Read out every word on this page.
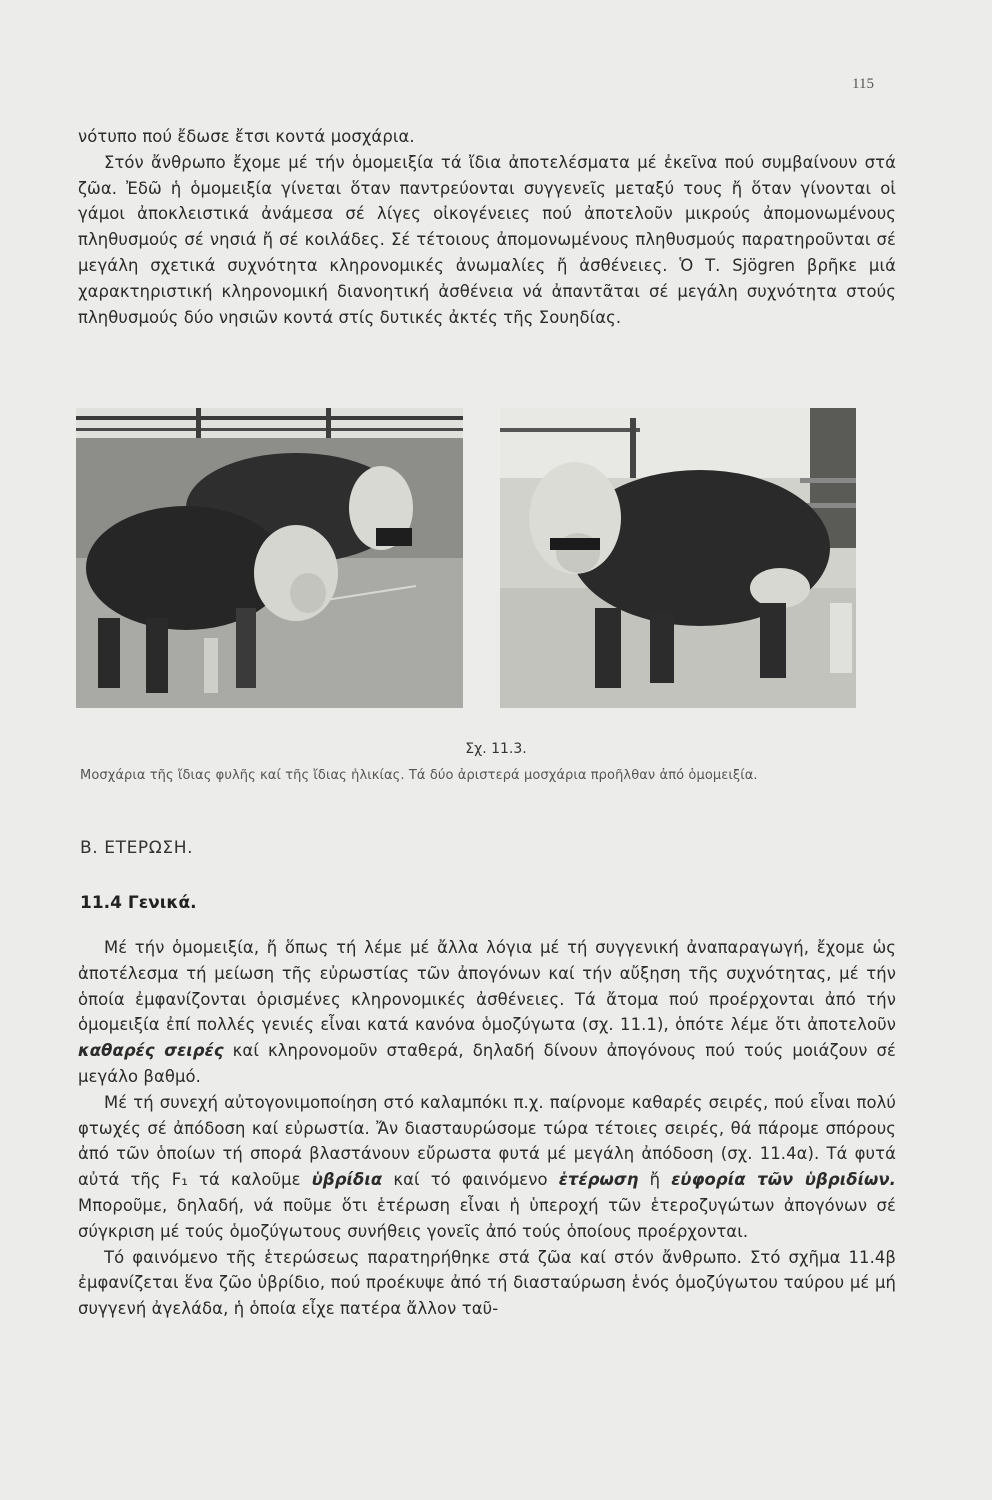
115

νότυπο πού ἔδωσε ἔτσι κοντά μοσχάρια.

Στόν ἄνθρωπο ἔχομε μέ τήν ὁμομειξία τά ἴδια ἀποτελέσματα μέ ἐκεῖνα πού συμβαίνουν στά ζῶα. Ἐδῶ ἡ ὁμομειξία γίνεται ὅταν παντρεύονται συγγενεῖς μεταξύ τους ἤ ὅταν γίνονται οἱ γάμοι ἀποκλειστικά ἀνάμεσα σέ λίγες οἰκογένειες πού ἀποτελοῦν μικρούς ἀπομονωμένους πληθυσμούς σέ νησιά ἤ σέ κοιλάδες. Σέ τέτοιους ἀπομονωμένους πληθυσμούς παρατηροῦνται σέ μεγάλη σχετικά συχνότητα κληρονομικές ἀνωμαλίες ἤ ἀσθένειες. Ὁ Τ. Sjögren βρῆκε μιά χαρακτηριστική κληρονομική διανοητική ἀσθένεια νά ἀπαντᾶται σέ μεγάλη συχνότητα στούς πληθυσμούς δύο νησιῶν κοντά στίς δυτικές ἀκτές τῆς Σουηδίας.

Σχ. 11.3.
Μοσχάρια τῆς ἴδιας φυλῆς καί τῆς ἴδιας ἡλικίας. Τά δύο ἀριστερά μοσχάρια προῆλθαν ἀπό ὁμομειξία.
Β. ΕΤΕΡΩΣΗ.
11.4 Γενικά.

Μέ τήν ὁμομειξία, ἤ ὅπως τή λέμε μέ ἄλλα λόγια μέ τή συγγενική ἀναπαραγωγή, ἔχομε ὡς ἀποτέλεσμα τή μείωση τῆς εὐρωστίας τῶν ἀπογόνων καί τήν αὔξηση τῆς συχνότητας, μέ τήν ὁποία ἐμφανίζονται ὁρισμένες κληρονομικές ἀσθένειες. Τά ἄτομα πού προέρχονται ἀπό τήν ὁμομειξία ἐπί πολλές γενιές εἶναι κατά κανόνα ὁμοζύγωτα (σχ. 11.1), ὁπότε λέμε ὅτι ἀποτελοῦν καθαρές σειρές καί κληρονομοῦν σταθερά, δηλαδή δίνουν ἀπογόνους πού τούς μοιάζουν σέ μεγάλο βαθμό.

Μέ τή συνεχή αὐτογονιμοποίηση στό καλαμπόκι π.χ. παίρνομε καθαρές σειρές, πού εἶναι πολύ φτωχές σέ ἀπόδοση καί εὐρωστία. Ἄν διασταυρώσομε τώρα τέτοιες σειρές, θά πάρομε σπόρους ἀπό τῶν ὁποίων τή σπορά βλαστάνουν εὔρωστα φυτά μέ μεγάλη ἀπόδοση (σχ. 11.4α). Τά φυτά αὐτά τῆς F₁ τά καλοῦμε ὑβρίδια καί τό φαινόμενο ἑτέρωση ἤ εὐφορία τῶν ὑβριδίων. Μποροῦμε, δηλαδή, νά ποῦμε ὅτι ἑτέρωση εἶναι ἡ ὑπεροχή τῶν ἑτεροζυγώτων ἀπογόνων σέ σύγκριση μέ τούς ὁμοζύγωτους συνήθεις γονεῖς ἀπό τούς ὁποίους προέρχονται.

Τό φαινόμενο τῆς ἑτερώσεως παρατηρήθηκε στά ζῶα καί στόν ἄνθρωπο. Στό σχῆμα 11.4β ἐμφανίζεται ἕνα ζῶο ὑβρίδιο, πού προέκυψε ἀπό τή διασταύρωση ἑνός ὁμοζύγωτου ταύρου μέ μή συγγενή ἀγελάδα, ἡ ὁποία εἶχε πατέρα ἄλλον ταῦ-
